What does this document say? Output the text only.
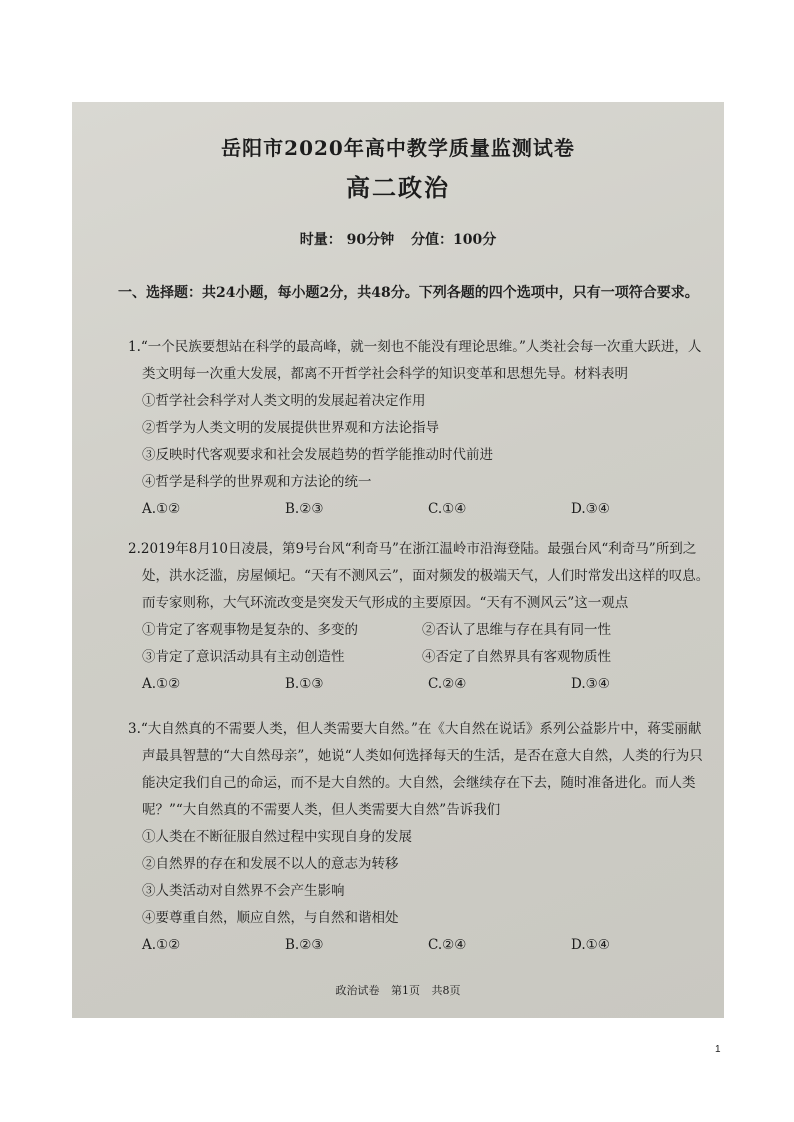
岳阳市2020年高中教学质量监测试卷
高二政治
时量： 90分钟 分值：100分
一、选择题：共24小题，每小题2分，共48分。下列各题的四个选项中，只有一项符合要求。

1.“一个民族要想站在科学的最高峰，就一刻也不能没有理论思维。”人类社会每一次重大跃进，人类文明每一次重大发展，都离不开哲学社会科学的知识变革和思想先导。材料表明

①哲学社会科学对人类文明的发展起着决定作用

②哲学为人类文明的发展提供世界观和方法论指导

③反映时代客观要求和社会发展趋势的哲学能推动时代前进

④哲学是科学的世界观和方法论的统一

A.①②	B.②③	C.①④	D.③④

2.2019年8月10日凌晨，第9号台风“利奇马”在浙江温岭市沿海登陆。最强台风“利奇马”所到之处，洪水泛滥，房屋倾圮。“天有不测风云”，面对频发的极端天气，人们时常发出这样的叹息。而专家则称，大气环流改变是突发天气形成的主要原因。“天有不测风云”这一观点

①肯定了客观事物是复杂的、多变的	②否认了思维与存在具有同一性
③肯定了意识活动具有主动创造性	④否定了自然界具有客观物质性
A.①②	B.①③	C.②④	D.③④

3.“大自然真的不需要人类，但人类需要大自然。”在《大自然在说话》系列公益影片中，蒋雯丽献声最具智慧的“大自然母亲”，她说“人类如何选择每天的生活，是否在意大自然，人类的行为只能决定我们自己的命运，而不是大自然的。大自然，会继续存在下去，随时准备进化。而人类呢？”“大自然真的不需要人类，但人类需要大自然”告诉我们

①人类在不断征服自然过程中实现自身的发展

②自然界的存在和发展不以人的意志为转移

③人类活动对自然界不会产生影响

④要尊重自然，顺应自然，与自然和谐相处

A.①②	B.②③	C.②④	D.①④
政治试卷 第1页 共8页
1
